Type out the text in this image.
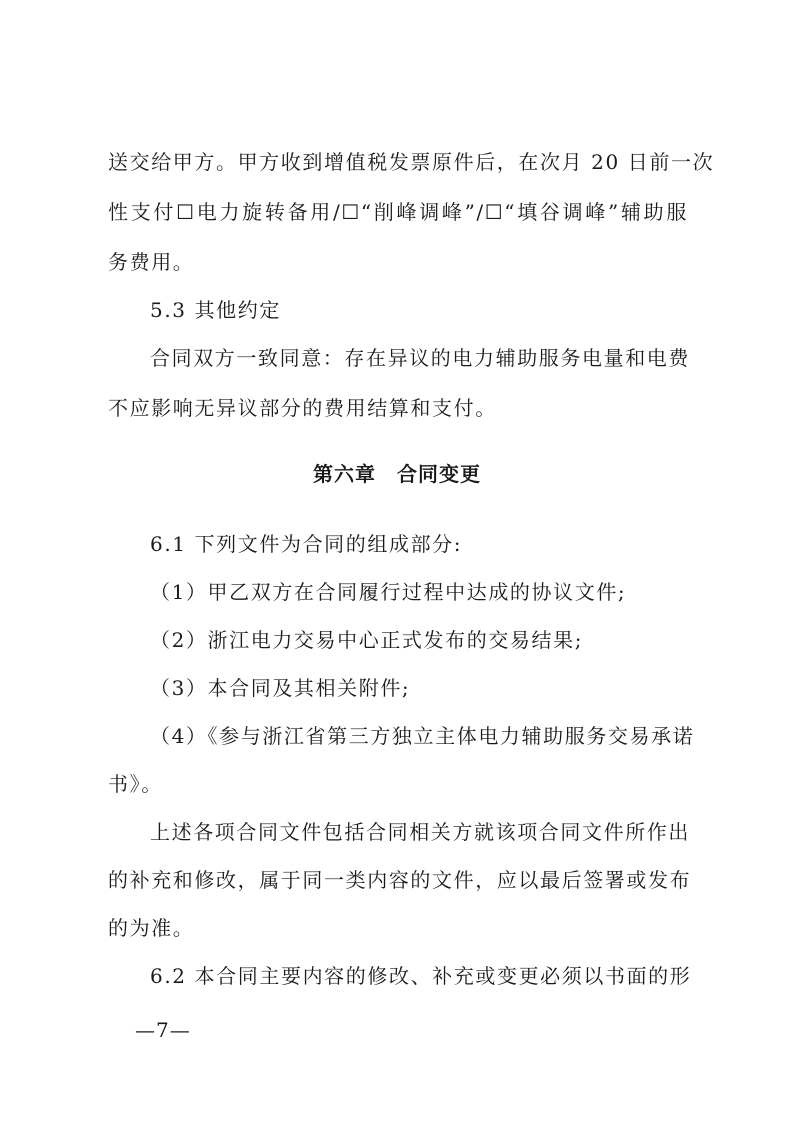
送交给甲方。甲方收到增值税发票原件后，在次月 20 日前一次
性支付☐电力旋转备用/☐“削峰调峰”/☐“填谷调峰”辅助服
务费用。
5.3 其他约定
合同双方一致同意：存在异议的电力辅助服务电量和电费
不应影响无异议部分的费用结算和支付。
第六章　合同变更
6.1 下列文件为合同的组成部分:
（1）甲乙双方在合同履行过程中达成的协议文件;
（2）浙江电力交易中心正式发布的交易结果;
（3）本合同及其相关附件;
（4）《参与浙江省第三方独立主体电力辅助服务交易承诺
书》。
上述各项合同文件包括合同相关方就该项合同文件所作出
的补充和修改，属于同一类内容的文件，应以最后签署或发布
的为准。
6.2 本合同主要内容的修改、补充或变更必须以书面的形
—7—
